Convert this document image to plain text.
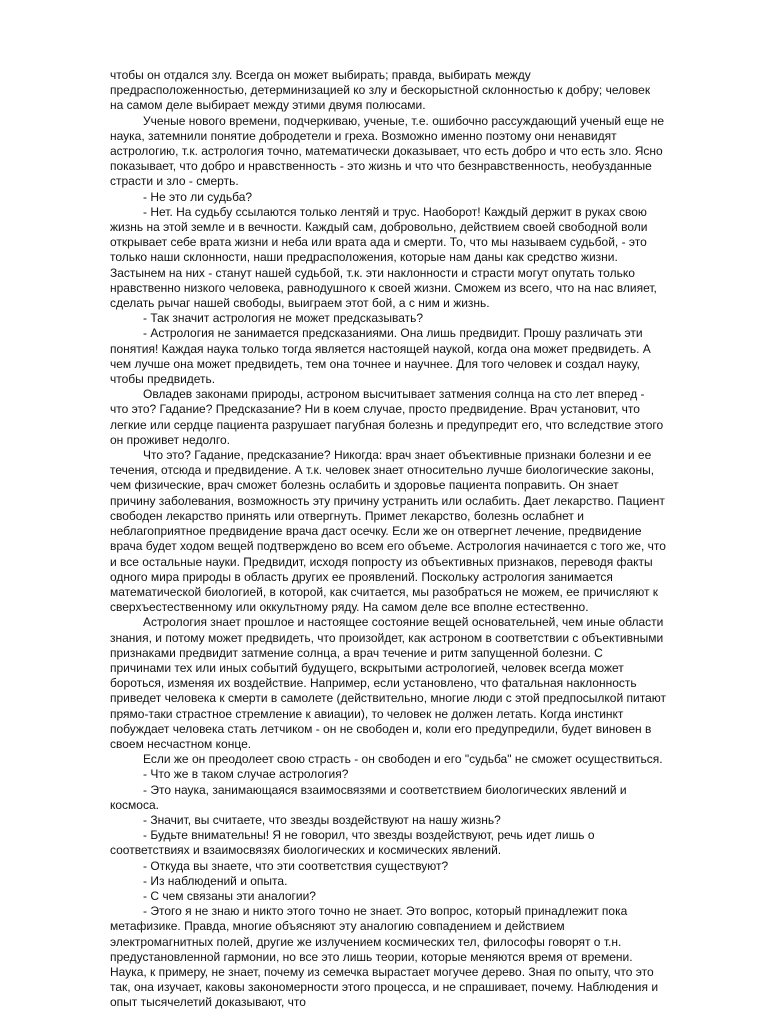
чтобы он отдался злу. Всегда он может выбирать; правда, выбирать между предрасположенностью, детерминизацией ко злу и бескорыстной склонностью к добру; человек на самом деле выбирает между этими двумя полюсами.

Ученые нового времени, подчеркиваю, ученые, т.е. ошибочно рассуждающий ученый еще не наука, затемнили понятие добродетели и греха. Возможно именно поэтому они ненавидят астрологию, т.к. астрология точно, математически доказывает, что есть добро и что есть зло. Ясно показывает, что добро и нравственность - это жизнь и что что безнравственность, необузданные страсти и зло - смерть.

- Не это ли судьба?

- Нет. На судьбу ссылаются только лентяй и трус. Наоборот! Каждый держит в руках свою жизнь на этой земле и в вечности. Каждый сам, добровольно, действием своей свободной воли открывает себе врата жизни и неба или врата ада и смерти. То, что мы называем судьбой, - это только наши склонности, наши предрасположения, которые нам даны как средство жизни. Застынем на них - станут нашей судьбой, т.к. эти наклонности и страсти могут опутать только нравственно низкого человека, равнодушного к своей жизни. Сможем из всего, что на нас влияет, сделать рычаг нашей свободы, выиграем этот бой, а с ним и жизнь.

- Так значит астрология не может предсказывать?

- Астрология не занимается предсказаниями. Она лишь предвидит. Прошу различать эти понятия! Каждая наука только тогда является настоящей наукой, когда она может предвидеть. А чем лучше она может предвидеть, тем она точнее и научнее. Для того человек и создал науку, чтобы предвидеть.

Овладев законами природы, астроном высчитывает затмения солнца на сто лет вперед - что это? Гадание? Предсказание? Ни в коем случае, просто предвидение. Врач установит, что легкие или сердце пациента разрушает пагубная болезнь и предупредит его, что вследствие этого он проживет недолго.

Что это? Гадание, предсказание? Никогда: врач знает объективные признаки болезни и ее течения, отсюда и предвидение. А т.к. человек знает относительно лучше биологические законы, чем физические, врач сможет болезнь ослабить и здоровье пациента поправить. Он знает причину заболевания, возможность эту причину устранить или ослабить. Дает лекарство. Пациент свободен лекарство принять или отвергнуть. Примет лекарство, болезнь ослабнет и неблагоприятное предвидение врача даст осечку. Если же он отвергнет лечение, предвидение врача будет ходом вещей подтверждено во всем его объеме. Астрология начинается с того же, что и все остальные науки. Предвидит, исходя попросту из объективных признаков, переводя факты одного мира природы в область других ее проявлений. Поскольку астрология занимается математической биологией, в которой, как считается, мы разобраться не можем, ее причисляют к сверхъестественному или оккультному ряду. На самом деле все вполне естественно.

Астрология знает прошлое и настоящее состояние вещей основательней, чем иные области знания, и потому может предвидеть, что произойдет, как астроном в соответствии с объективными признаками предвидит затмение солнца, а врач течение и ритм запущенной болезни. С причинами тех или иных событий будущего, вскрытыми астрологией, человек всегда может бороться, изменяя их воздействие. Например, если установлено, что фатальная наклонность приведет человека к смерти в самолете (действительно, многие люди с этой предпосылкой питают прямо-таки страстное стремление к авиации), то человек не должен летать. Когда инстинкт побуждает человека стать летчиком - он не свободен и, коли его предупредили, будет виновен в своем несчастном конце.

Если же он преодолеет свою страсть - он свободен и его "судьба" не сможет осуществиться.

- Что же в таком случае астрология?

- Это наука, занимающаяся взаимосвязями и соответствием биологических явлений и космоса.

- Значит, вы считаете, что звезды воздействуют на нашу жизнь?

- Будьте внимательны! Я не говорил, что звезды воздействуют, речь идет лишь о соответствиях и взаимосвязях биологических и космических явлений.

- Откуда вы знаете, что эти соответствия существуют?

- Из наблюдений и опыта.

- С чем связаны эти аналогии?

- Этого я не знаю и никто этого точно не знает. Это вопрос, который принадлежит пока метафизике. Правда, многие объясняют эту аналогию совпадением и действием электромагнитных полей, другие же излучением космических тел, философы говорят о т.н. предустановленной гармонии, но все это лишь теории, которые меняются время от времени. Наука, к примеру, не знает, почему из семечка вырастает могучее дерево. Зная по опыту, что это так, она изучает, каковы закономерности этого процесса, и не спрашивает, почему. Наблюдения и опыт тысячелетий доказывают, что
